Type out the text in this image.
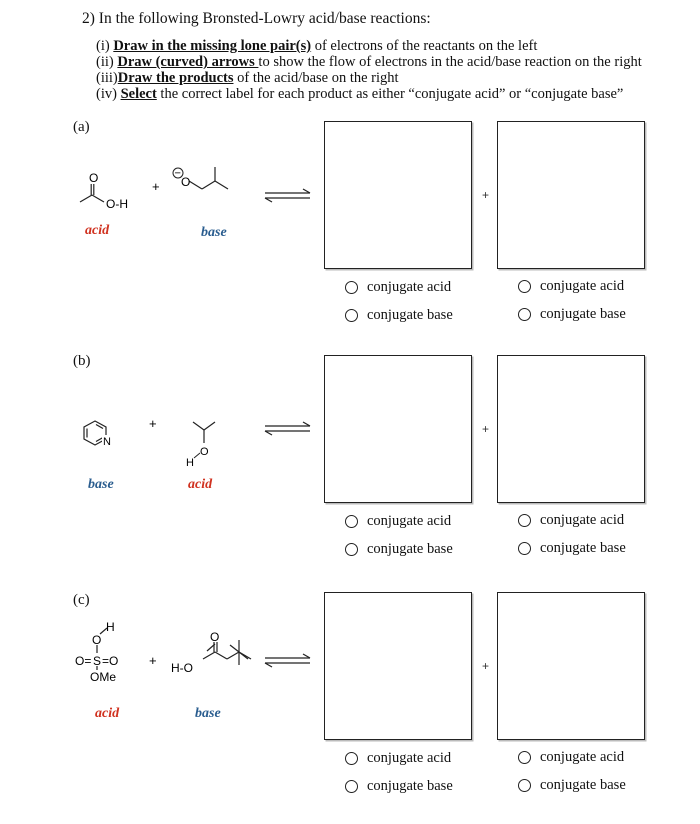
2) In the following Bronsted-Lowry acid/base reactions:
(i) Draw in the missing lone pair(s) of electrons of the reactants on the left
(ii) Draw (curved) arrows to show the flow of electrons in the acid/base reaction on the right
(iii)Draw the products of the acid/base on the right
(iv) Select the correct label for each product as either “conjugate acid” or “conjugate base”
(a)
O
O-H
+
−
O
acid	base
+
conjugate acid
conjugate base
conjugate acid
conjugate base
(b)
N
+
H
O
base	acid
+
conjugate acid
conjugate base
conjugate acid
conjugate base
(c)
H
O
O= S =O
OMe
+ H-O
O
acid	base
+
conjugate acid
conjugate base
conjugate acid
conjugate base
